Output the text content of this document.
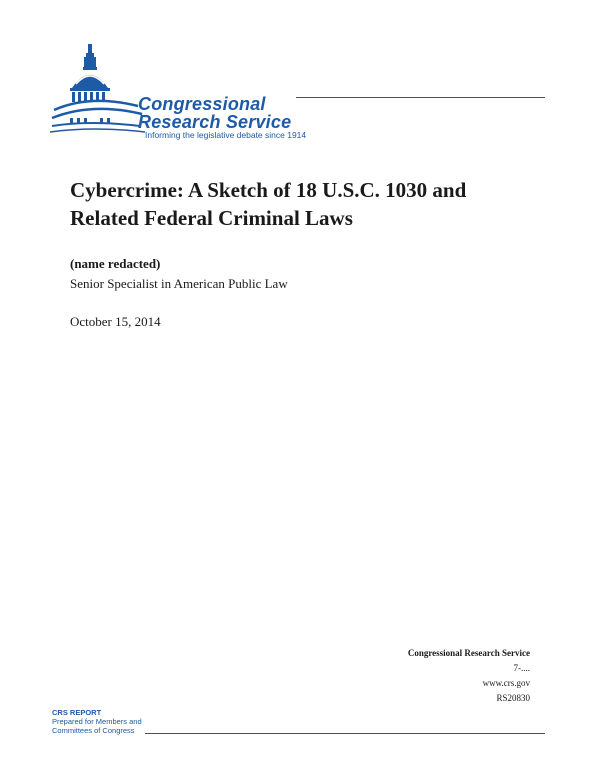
Congressional
Research Service
Informing the legislative debate since 1914
Cybercrime: A Sketch of 18 U.S.C. 1030 and Related Federal Criminal Laws
(name redacted)
Senior Specialist in American Public Law
October 15, 2014
Congressional Research Service
7-....
www.crs.gov
RS20830
CRS REPORT
Prepared for Members and
Committees of Congress
